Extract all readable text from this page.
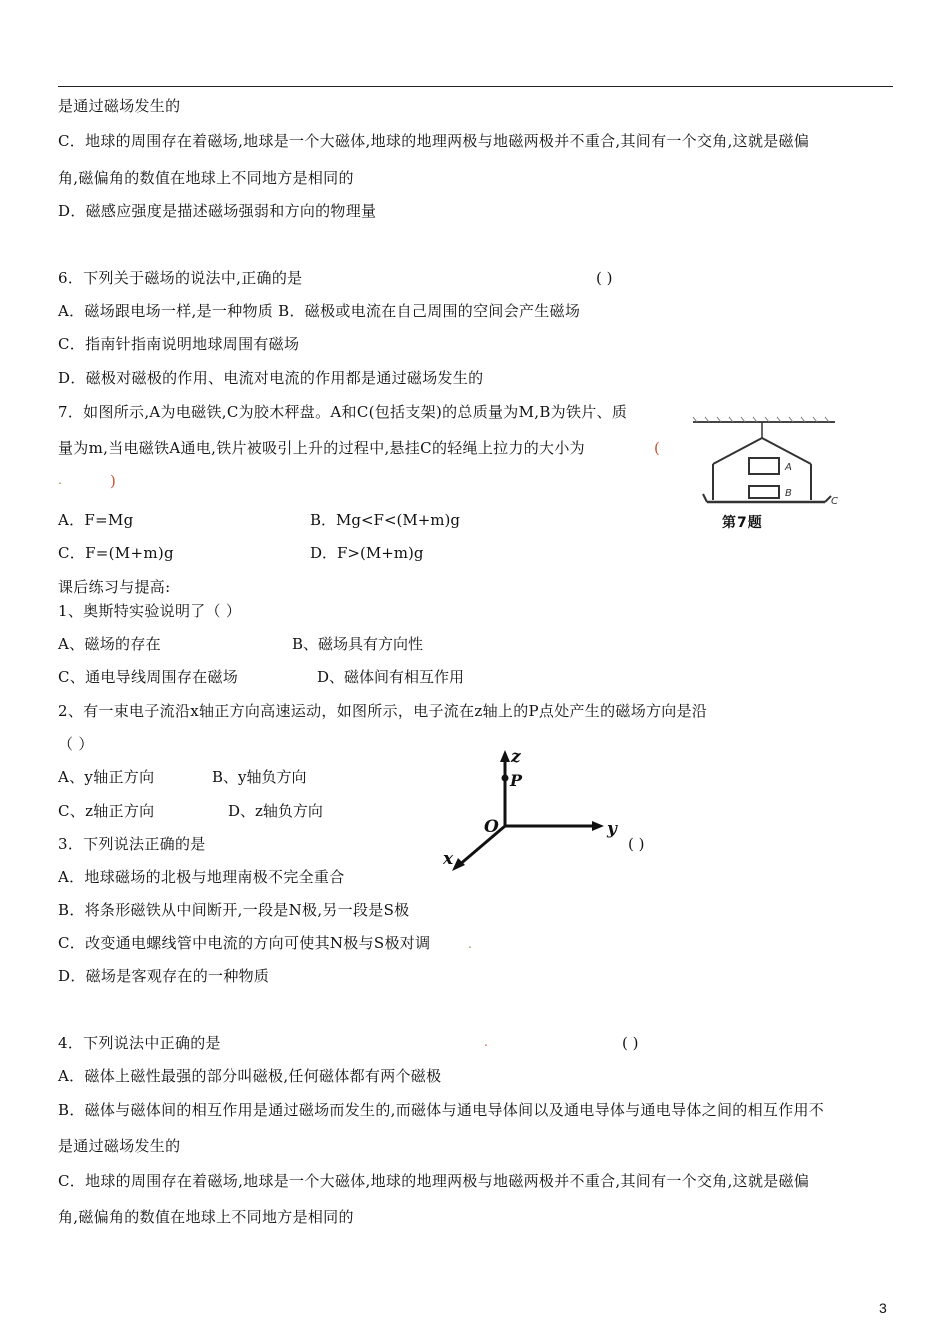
是通过磁场发生的
C．地球的周围存在着磁场,地球是一个大磁体,地球的地理两极与地磁两极并不重合,其间有一个交角,这就是磁偏
角,磁偏角的数值在地球上不同地方是相同的
D．磁感应强度是描述磁场强弱和方向的物理量
6．下列关于磁场的说法中,正确的是	( )
A．磁场跟电场一样,是一种物质 B．磁极或电流在自己周围的空间会产生磁场
C．指南针指南说明地球周围有磁场
D．磁极对磁极的作用、电流对电流的作用都是通过磁场发生的
7．如图所示,A为电磁铁,C为胶木秤盘。A和C(包括支架)的总质量为M,B为铁片、质
量为m,当电磁铁A通电,铁片被吸引上升的过程中,悬挂C的轻绳上拉力的大小为	(
.	)
A．F=Mg	B．Mg<F<(M+m)g
C．F=(M+m)g	D．F>(M+m)g
A
B
C
第7题
课后练习与提高:
1、奥斯特实验说明了（ ）
A、磁场的存在	B、磁场具有方向性
C、通电导线周围存在磁场	D、磁体间有相互作用
2、有一束电子流沿x轴正方向高速运动，如图所示，电子流在z轴上的P点处产生的磁场方向是沿
（ ）
A、y轴正方向	B、y轴负方向
C、z轴正方向	D、z轴负方向
z
P
O	y
x
3．下列说法正确的是	( )
A．地球磁场的北极与地理南极不完全重合
B．将条形磁铁从中间断开,一段是N极,另一段是S极
C．改变通电螺线管中电流的方向可使其N极与S极对调	.
D．磁场是客观存在的一种物质
4．下列说法中正确的是	.	( )
A．磁体上磁性最强的部分叫磁极,任何磁体都有两个磁极
B．磁体与磁体间的相互作用是通过磁场而发生的,而磁体与通电导体间以及通电导体与通电导体之间的相互作用不
是通过磁场发生的
C．地球的周围存在着磁场,地球是一个大磁体,地球的地理两极与地磁两极并不重合,其间有一个交角,这就是磁偏
角,磁偏角的数值在地球上不同地方是相同的
3
